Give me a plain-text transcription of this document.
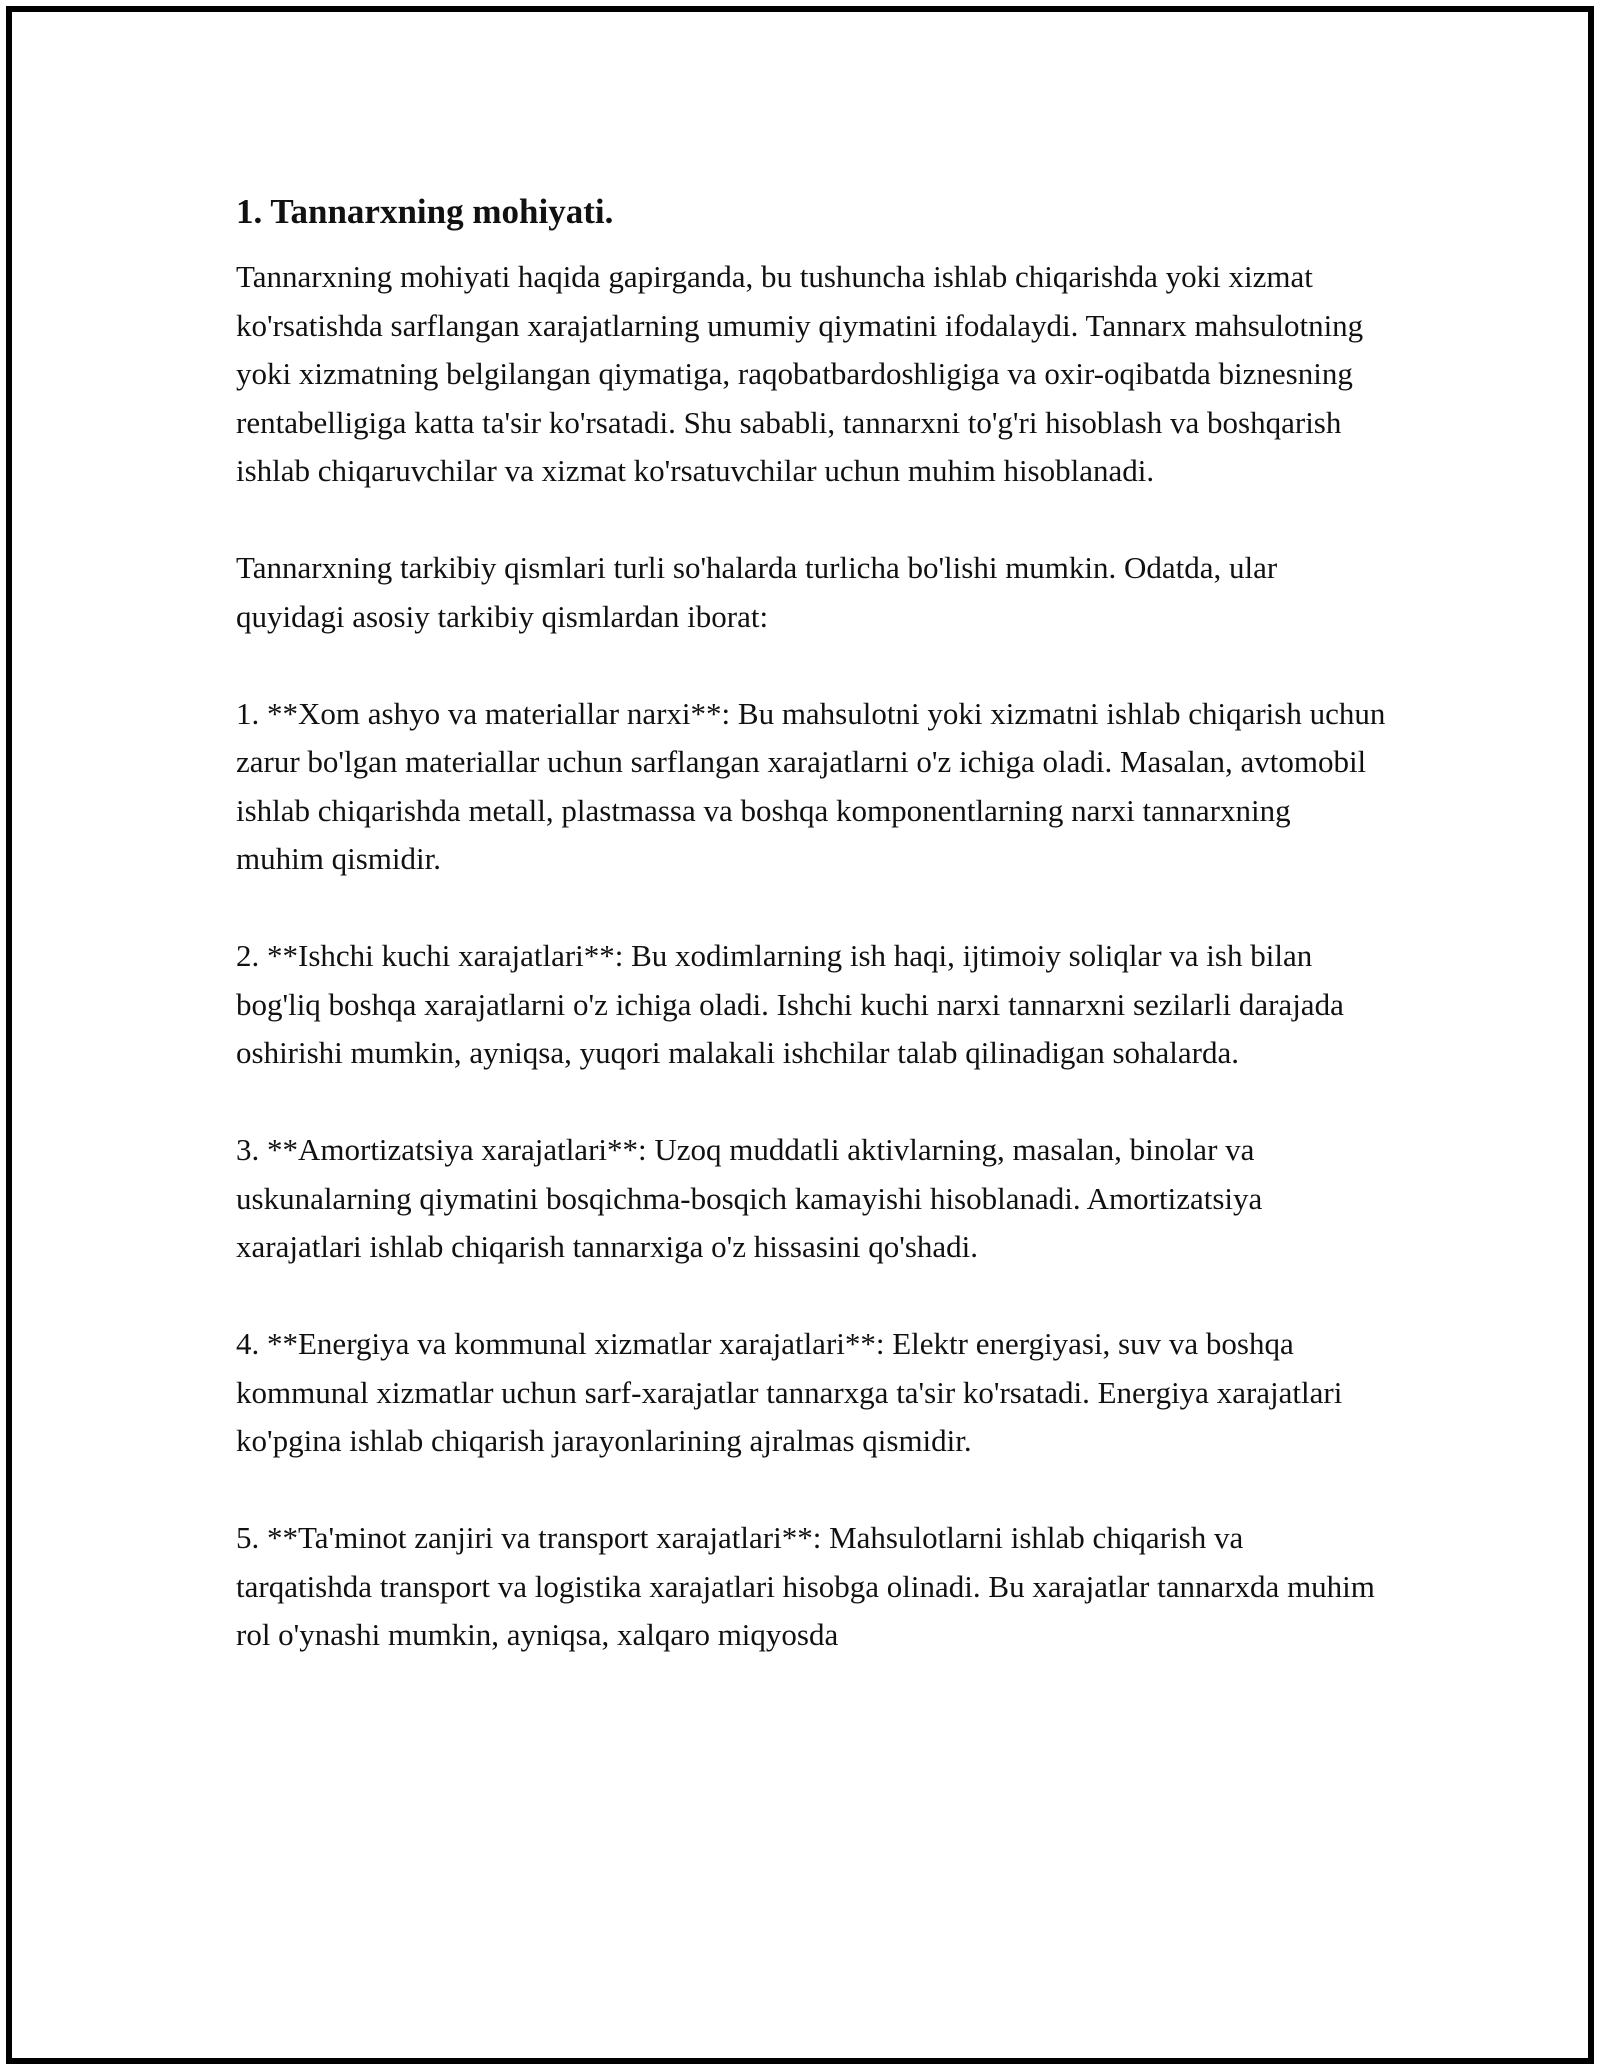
1. Tannarxning mohiyati.

Tannarxning mohiyati haqida gapirganda, bu tushuncha ishlab chiqarishda yoki xizmat ko'rsatishda sarflangan xarajatlarning umumiy qiymatini ifodalaydi. Tannarx mahsulotning yoki xizmatning belgilangan qiymatiga, raqobatbardoshligiga va oxir-oqibatda biznesning rentabelligiga katta ta'sir ko'rsatadi. Shu sababli, tannarxni to'g'ri hisoblash va boshqarish ishlab chiqaruvchilar va xizmat ko'rsatuvchilar uchun muhim hisoblanadi.

Tannarxning tarkibiy qismlari turli so'halarda turlicha bo'lishi mumkin. Odatda, ular quyidagi asosiy tarkibiy qismlardan iborat:

1. **Xom ashyo va materiallar narxi**: Bu mahsulotni yoki xizmatni ishlab chiqarish uchun zarur bo'lgan materiallar uchun sarflangan xarajatlarni o'z ichiga oladi. Masalan, avtomobil ishlab chiqarishda metall, plastmassa va boshqa komponentlarning narxi tannarxning muhim qismidir.

2. **Ishchi kuchi xarajatlari**: Bu xodimlarning ish haqi, ijtimoiy soliqlar va ish bilan bog'liq boshqa xarajatlarni o'z ichiga oladi. Ishchi kuchi narxi tannarxni sezilarli darajada oshirishi mumkin, ayniqsa, yuqori malakali ishchilar talab qilinadigan sohalarda.

3. **Amortizatsiya xarajatlari**: Uzoq muddatli aktivlarning, masalan, binolar va uskunalarning qiymatini bosqichma-bosqich kamayishi hisoblanadi. Amortizatsiya xarajatlari ishlab chiqarish tannarxiga o'z hissasini qo'shadi.

4. **Energiya va kommunal xizmatlar xarajatlari**: Elektr energiyasi, suv va boshqa kommunal xizmatlar uchun sarf-xarajatlar tannarxga ta'sir ko'rsatadi. Energiya xarajatlari ko'pgina ishlab chiqarish jarayonlarining ajralmas qismidir.

5. **Ta'minot zanjiri va transport xarajatlari**: Mahsulotlarni ishlab chiqarish va tarqatishda transport va logistika xarajatlari hisobga olinadi. Bu xarajatlar tannarxda muhim rol o'ynashi mumkin, ayniqsa, xalqaro miqyosda
